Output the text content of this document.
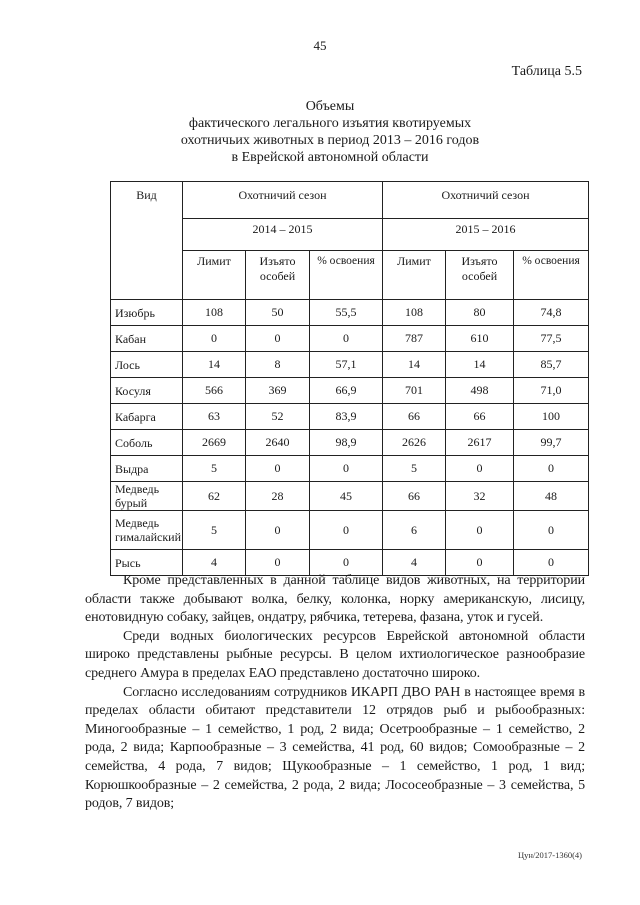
45
Таблица 5.5
Объемы
фактического легального изъятия квотируемых
охотничьих животных в период 2013 – 2016 годов
в Еврейской автономной области
Вид	Охотничий сезон			Охотничий сезон		
	2014 – 2015			2015 – 2016		
	Лимит	Изъято особей	% освоения	Лимит	Изъято особей	% освоения
Изюбрь	108	50	55,5	108	80	74,8
Кабан	0	0	0	787	610	77,5
Лось	14	8	57,1	14	14	85,7
Косуля	566	369	66,9	701	498	71,0
Кабарга	63	52	83,9	66	66	100
Соболь	2669	2640	98,9	2626	2617	99,7
Выдра	5	0	0	5	0	0
Медведь бурый	62	28	45	66	32	48
Медведь гималайский	5	0	0	6	0	0
Рысь	4	0	0	4	0	0

Кроме представленных в данной таблице видов животных, на территории области также добывают волка, белку, колонка, норку американскую, лисицу, енотовидную собаку, зайцев, ондатру, рябчика, тетерева, фазана, уток и гусей.

Среди водных биологических ресурсов Еврейской автономной области широко представлены рыбные ресурсы. В целом ихтиологическое разнообразие среднего Амура в пределах ЕАО представлено достаточно широко.

Согласно исследованиям сотрудников ИКАРП ДВО РАН в настоящее время в пределах области обитают представители 12 отрядов рыб и рыбообразных: Миногообразные – 1 семейство, 1 род, 2 вида; Осетрообразные – 1 семейство, 2 рода, 2 вида; Карпообразные – 3 семейства, 41 род, 60 видов; Сомообразные – 2 семейства, 4 рода, 7 видов; Щукообразные – 1 семейство, 1 род, 1 вид; Корюшкообразные – 2 семейства, 2 рода, 2 вида; Лососеобразные – 3 семейства, 5 родов, 7 видов;

Цун/2017-1360(4)
